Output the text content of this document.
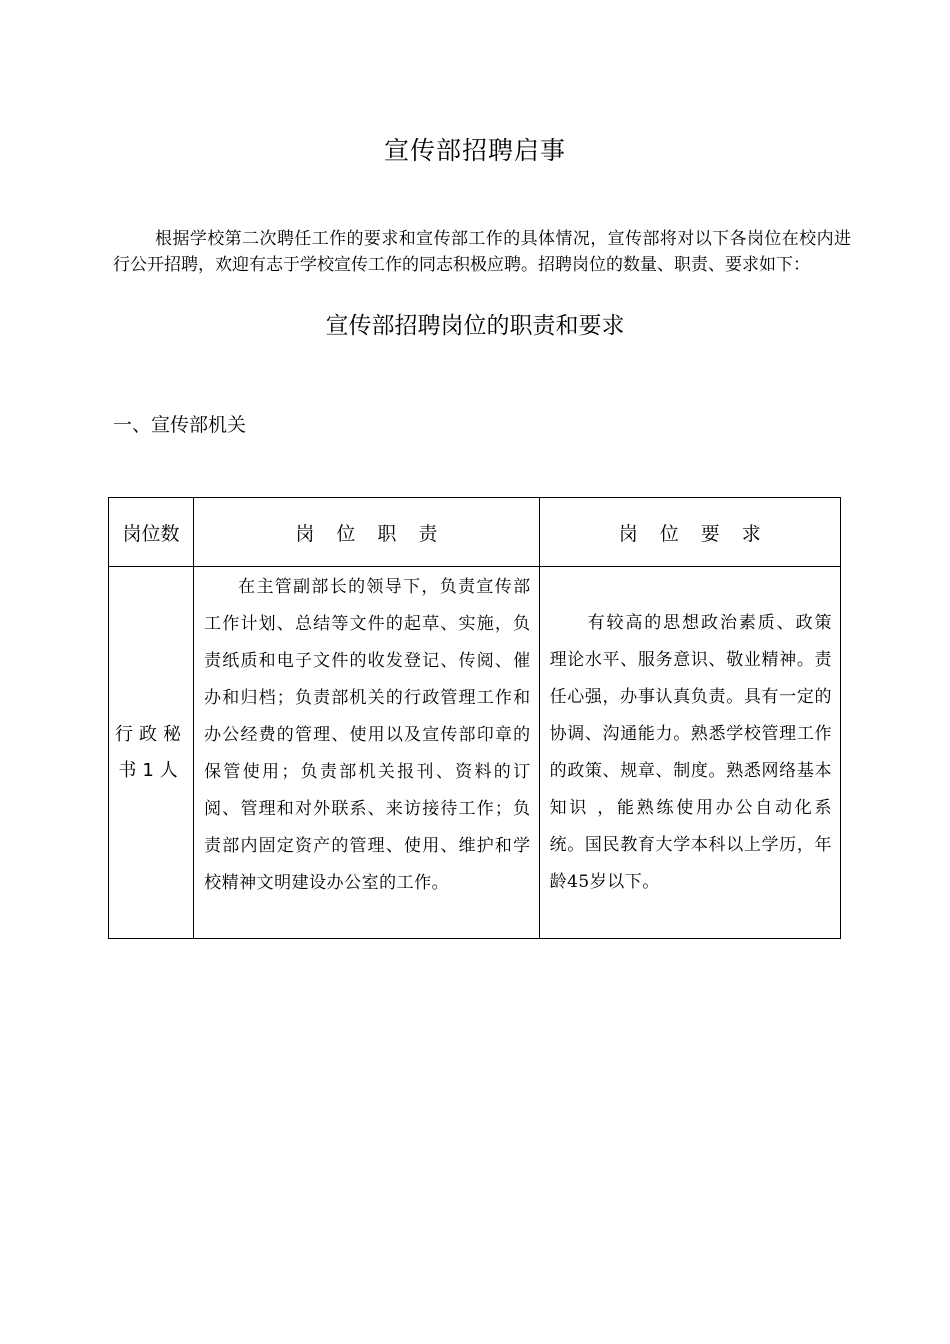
宣传部招聘启事

根据学校第二次聘任工作的要求和宣传部工作的具体情况，宣传部将对以下各岗位在校内进行公开招聘，欢迎有志于学校宣传工作的同志积极应聘。招聘岗位的数量、职责、要求如下：

宣传部招聘岗位的职责和要求
一、宣传部机关
岗位数	岗位职责	岗位要求
行政秘书1人	在主管副部长的领导下，负责宣传部工作计划、总结等文件的起草、实施，负责纸质和电子文件的收发登记、传阅、催办和归档；负责部机关的行政管理工作和办公经费的管理、使用以及宣传部印章的保管使用；负责部机关报刊、资料的订阅、管理和对外联系、来访接待工作；负责部内固定资产的管理、使用、维护和学校精神文明建设办公室的工作。	有较高的思想政治素质、政策理论水平、服务意识、敬业精神。责任心强，办事认真负责。具有一定的协调、沟通能力。熟悉学校管理工作的政策、规章、制度。熟悉网络基本知识 ，能熟练使用办公自动化系统。国民教育大学本科以上学历，年龄45岁以下。
